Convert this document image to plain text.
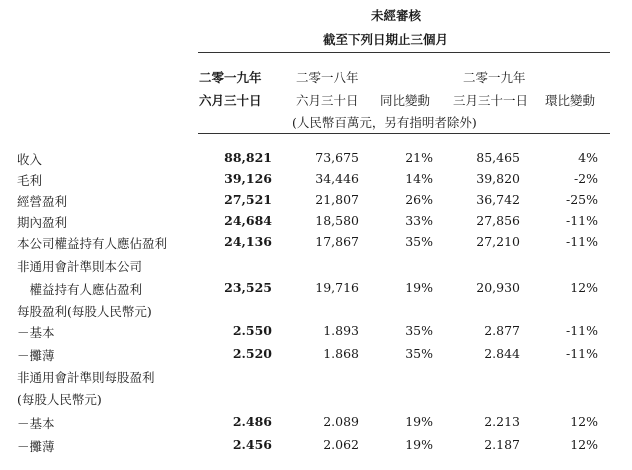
未經審核
截至下列日期止三個月
二零一九年
六月三十日
二零一八年
六月三十日 同比變動
二零一九年
三月三十一日 環比變動
(人民幣百萬元，另有指明者除外)
收入	88,821	73,675	21%	85,465	4%
毛利	39,126	34,446	14%	39,820	-2%
經營盈利	27,521	21,807	26%	36,742	-25%
期內盈利	24,684	18,580	33%	27,856	-11%
本公司權益持有人應佔盈利	24,136	17,867	35%	27,210	-11%
非通用會計準則本公司
　權益持有人應佔盈利	23,525	19,716	19%	20,930	12%
每股盈利(每股人民幣元)
－基本	2.550	1.893	35%	2.877	-11%
－攤薄	2.520	1.868	35%	2.844	-11%
非通用會計準則每股盈利
(每股人民幣元)
－基本	2.486	2.089	19%	2.213	12%
－攤薄	2.456	2.062	19%	2.187	12%
